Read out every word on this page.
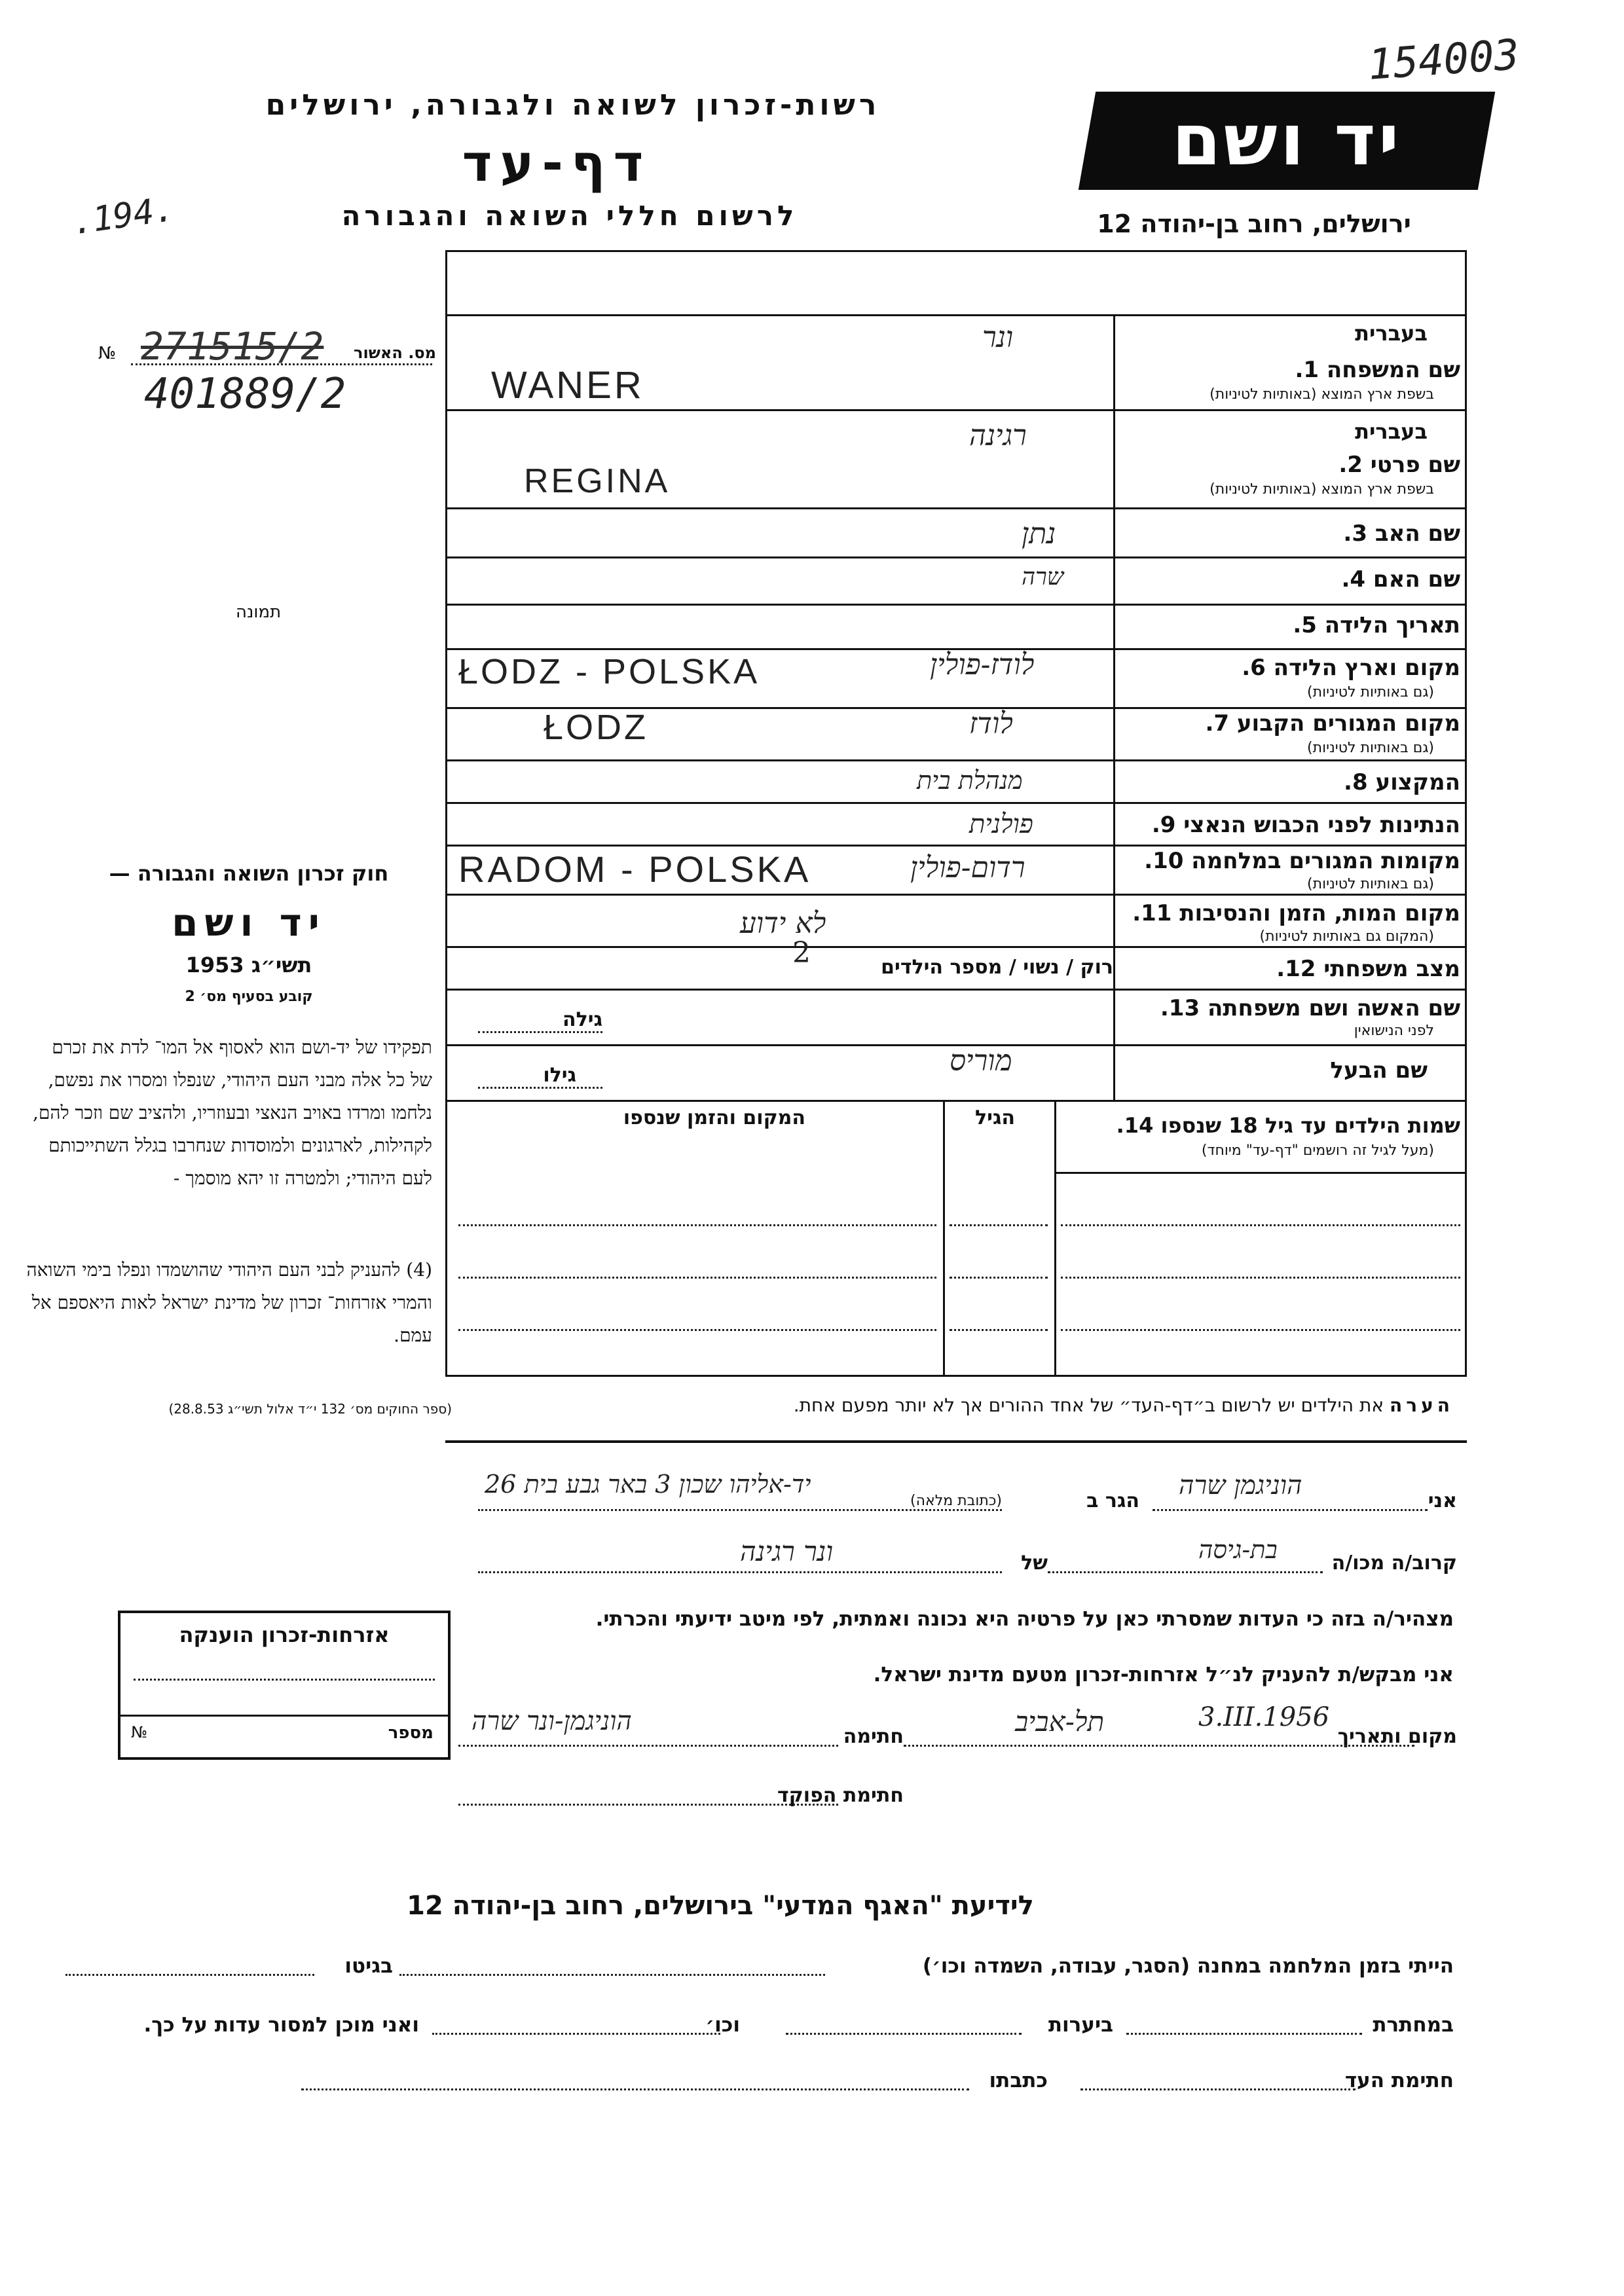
154003
.194.
רשות-זכרון לשואה ולגבורה, ירושלים
דף-עד
לרשום חללי השואה והגבורה
יד ושם
ירושלים, רחוב בן-יהודה 12
מס. האשור
№ 271515/2
401889/2
תמונה
בעברית
שם המשפחה 1.
בשפת ארץ המוצא (באותיות לטיניות)
בעברית
שם פרטי 2.
בשפת ארץ המוצא (באותיות לטיניות)
שם האב 3.
שם האם 4.
תאריך הלידה 5.
מקום וארץ הלידה 6.
(גם באותיות לטיניות)
מקום המגורים הקבוע 7.
(גם באותיות לטיניות)
המקצוע 8.
הנתינות לפני הכבוש הנאצי 9.
מקומות המגורים במלחמה 10.
(גם באותיות לטיניות)
מקום המות, הזמן והנסיבות 11.
(המקום גם באותיות לטיניות)
מצב משפחתי 12.
שם האשה ושם משפחתה 13.
לפני הנישואין
שם הבעל
ונר
WANER
רגינה
REGINA
נתן
שרה
לודז-פולין
ŁODZ - POLSKA
לודז
ŁODZ
מנהלת בית
פולנית
רדום-פולין
RADOM - POLSKA
לא ידוע
רוק / נשוי / מספר הילדים
2
גילה
מוריס
גילו
שמות הילדים עד גיל 18 שנספו 14.
(מעל לגיל זה רושמים "דף-עד" מיוחד)
הגיל
המקום והזמן שנספו
חוק זכרון השואה והגבורה —
יד ושם
תשי״ג 1953
קובע בסעיף מס׳ 2
תפקידו של יד-ושם הוא לאסוף אל המו־ לדת את זכרם של כל אלה מבני העם היהודי, שנפלו ומסרו את נפשם, נלחמו ומרדו באויב הנאצי ובעוזריו, ולהציב שם וזכר להם, לקהילות, לארגונים ולמוסדות שנחרבו בגלל השתייכותם לעם היהודי; ולמטרה זו יהא מוסמך -
(4) להעניק לבני העם היהודי שהושמדו ונפלו בימי השואה והמרי אזרחות־ זכרון של מדינת ישראל לאות היאספם אל עמם.
(ספר החוקים מס׳ 132 י״ד אלול תשי״ג 28.8.53)	הערה את הילדים יש לרשום ב״דף-העד״ של אחד ההורים אך לא יותר מפעם אחת.
אני
הוניגמן שרה
הגר ב
(כתובת מלאה)
יד-אליהו שכון 3 באר גבע בית 26
קרוב/ה מכו/ה
בת-גיסה
של
ונר רגינה
מצהיר/ה בזה כי העדות שמסרתי כאן על פרטיה היא נכונה ואמתית, לפי מיטב ידיעתי והכרתי.
אני מבקש/ת להעניק לנ״ל אזרחות-זכרון מטעם מדינת ישראל.
מקום ותאריך
תל-אביב	3.III.1956
חתימה
הוניגמן-ונר שרה
חתימת הפוקד
אזרחות-זכרון הוענקה
מספר
№
לידיעת "האגף המדעי" בירושלים, רחוב בן-יהודה 12
הייתי בזמן המלחמה במחנה (הסגר, עבודה, השמדה וכו׳)
בגיטו
במחתרת
ביערות
וכו׳
ואני מוכן למסור עדות על כך.
חתימת העד
כתבתו
